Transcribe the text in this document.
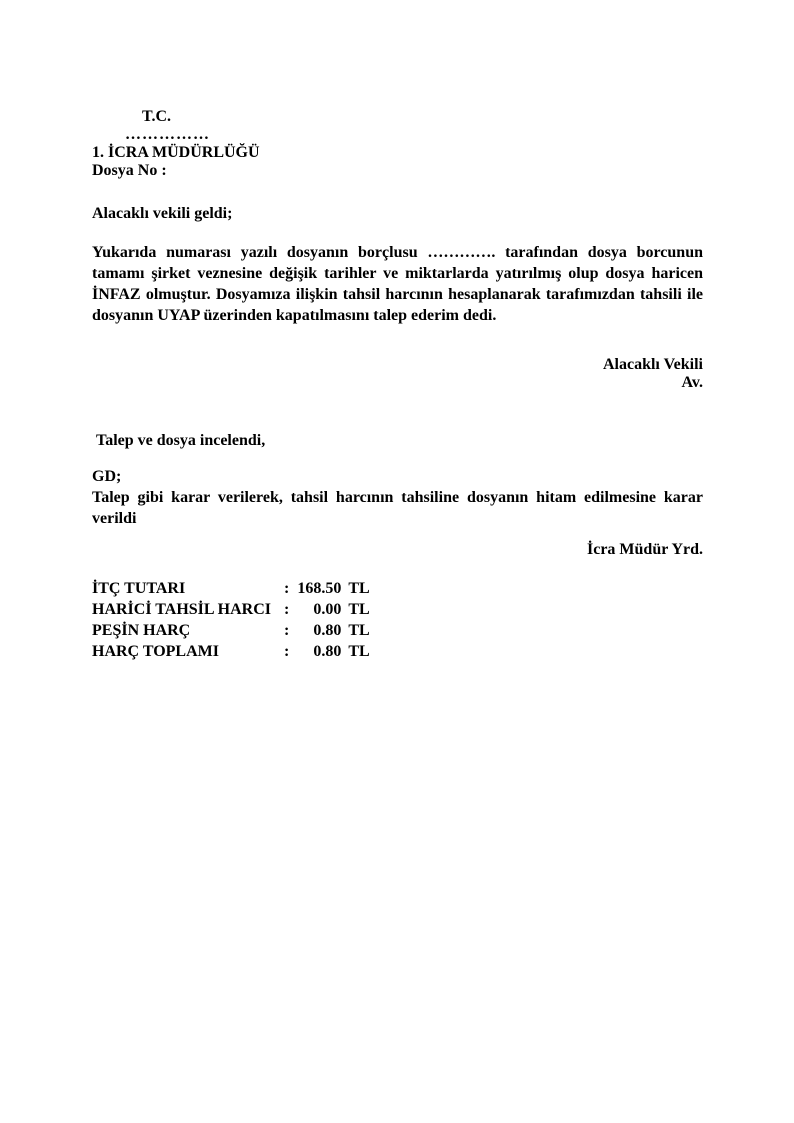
T.C.
……………
1. İCRA MÜDÜRLÜĞÜ
Dosya No :
Alacaklı vekili geldi;
Yukarıda numarası yazılı dosyanın borçlusu …………. tarafından dosya borcunun
tamamı şirket veznesine değişik tarihler ve miktarlarda yatırılmış olup dosya haricen
İNFAZ olmuştur. Dosyamıza ilişkin tahsil harcının hesaplanarak tarafımızdan tahsili ile
dosyanın UYAP üzerinden kapatılmasını talep ederim dedi.
Alacaklı Vekili
Av.
Talep ve dosya incelendi,
GD;
Talep gibi karar verilerek, tahsil harcının tahsiline dosyanın hitam edilmesine karar
verildi
İcra Müdür Yrd.
İTÇ TUTARI	: 168.50 TL
HARİCİ TAHSİL HARCI :	0.00 TL
PEŞİN HARÇ	:	0.80 TL
HARÇ TOPLAMI	:	0.80 TL
